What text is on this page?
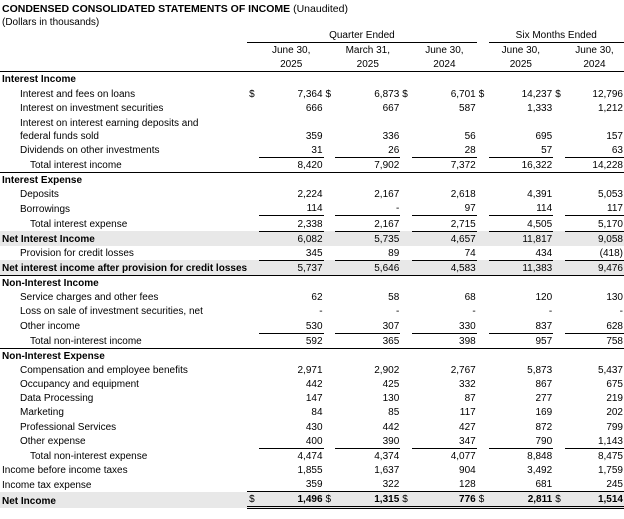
CONDENSED CONSOLIDATED STATEMENTS OF INCOME (Unaudited)
(Dollars in thousands)
	Quarter Ended							Six Months Ended		
		June 30,		March 31,		June 30,		June 30,		June 30,
		2025		2025		2024		2025		2024
Interest Income										
Interest and fees on loans	$	7,364	$	6,873	$	6,701	$	14,237	$	12,796
Interest on investment securities		666		667		587		1,333		1,212

Interest on interest earning deposits and
federal funds sold		359		336		56		695		157
Dividends on other investments		31		26		28		57		63
Total interest income		8,420		7,902		7,372		16,322		14,228
Interest Expense										
Deposits		2,224		2,167		2,618		4,391		5,053
Borrowings		114		-		97		114		117
Total interest expense		2,338		2,167		2,715		4,505		5,170
Net Interest Income		6,082		5,735		4,657		11,817		9,058
Provision for credit losses		345		89		74		434		(418)
Net interest income after provision for credit losses		5,737		5,646		4,583		11,383		9,476
Non-Interest Income										
Service charges and other fees		62		58		68		120		130
Loss on sale of investment securities, net		-		-		-		-		-
Other income		530		307		330		837		628
Total non-interest income		592		365		398		957		758
Non-Interest Expense										
Compensation and employee benefits		2,971		2,902		2,767		5,873		5,437
Occupancy and equipment		442		425		332		867		675
Data Processing		147		130		87		277		219
Marketing		84		85		117		169		202
Professional Services		430		442		427		872		799
Other expense		400		390		347		790		1,143
Total non-interest expense		4,474		4,374		4,077		8,848		8,475
Income before income taxes		1,855		1,637		904		3,492		1,759
Income tax expense		359		322		128		681		245
Net Income	$	1,496	$	1,315	$	776	$	2,811	$	1,514
